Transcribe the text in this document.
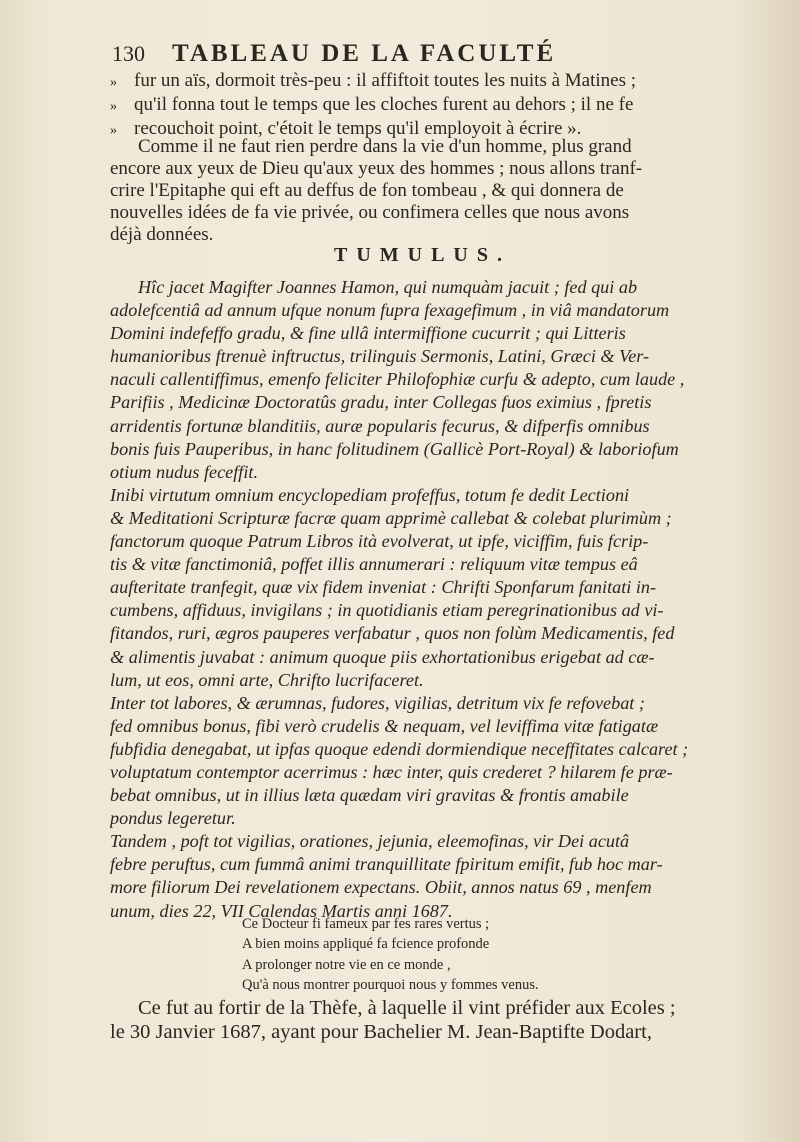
130	TABLEAU DE LA FACULTÉ
» fur un aïs, dormoit très-peu : il affiftoit toutes les nuits à Matines ;
» qu'il fonna tout le temps que les cloches furent au dehors ; il ne fe
» recouchoit point, c'étoit le temps qu'il employoit à écrire ».
Comme il ne faut rien perdre dans la vie d'un homme, plus grand
encore aux yeux de Dieu qu'aux yeux des hommes ; nous allons tranf-
crire l'Epitaphe qui eft au deffus de fon tombeau , & qui donnera de
nouvelles idées de fa vie privée, ou confimera celles que nous avons
déjà données.
TUMULUS.
Hîc jacet Magifter Joannes Hamon, qui numquàm jacuit ; fed qui ab
adolefcentiâ ad annum ufque nonum fupra fexagefimum , in viâ mandatorum
Domini indefeffo gradu, & fine ullâ intermiffione cucurrit ; qui Litteris
humanioribus ftrenuè inftructus, trilinguis Sermonis, Latini, Græci & Ver-
naculi callentiffimus, emenfo feliciter Philofophiæ curfu & adepto, cum laude ,
Parifiis , Medicinæ Doctoratûs gradu, inter Collegas fuos eximius , fpretis
arridentis fortunæ blanditiis, auræ popularis fecurus, & difperfis omnibus
bonis fuis Pauperibus, in hanc folitudinem (Gallicè Port-Royal) & laboriofum
otium nudus feceffit.
Inibi virtutum omnium encyclopediam profeffus, totum fe dedit Lectioni
& Meditationi Scripturæ facræ quam apprimè callebat & colebat plurimùm ;
fanctorum quoque Patrum Libros ità evolverat, ut ipfe, viciffim, fuis fcrip-
tis & vitæ fanctimoniâ, poffet illis annumerari : reliquum vitæ tempus eâ
aufteritate tranfegit, quæ vix fidem inveniat : Chrifti Sponfarum fanitati in-
cumbens, affiduus, invigilans ; in quotidianis etiam peregrinationibus ad vi-
fitandos, ruri, ægros pauperes verfabatur , quos non folùm Medicamentis, fed
& alimentis juvabat : animum quoque piis exhortationibus erigebat ad cæ-
lum, ut eos, omni arte, Chrifto lucrifaceret.
Inter tot labores, & ærumnas, fudores, vigilias, detritum vix fe refovebat ;
fed omnibus bonus, fibi verò crudelis & nequam, vel leviffima vitæ fatigatæ
fubfidia denegabat, ut ipfas quoque edendi dormiendique neceffitates calcaret ;
voluptatum contemptor acerrimus : hæc inter, quis crederet ? hilarem fe præ-
bebat omnibus, ut in illius læta quædam viri gravitas & frontis amabile
pondus legeretur.
Tandem , poft tot vigilias, orationes, jejunia, eleemofinas, vir Dei acutâ
febre peruftus, cum fummâ animi tranquillitate fpiritum emifit, fub hoc mar-
more filiorum Dei revelationem expectans. Obiit, annos natus 69 , menfem
unum, dies 22, VII Calendas Martis anni 1687.
Ce Docteur fi fameux par fes rares vertus ;
A bien moins appliqué fa fcience profonde
A prolonger notre vie en ce monde ,
Qu'à nous montrer pourquoi nous y fommes venus.
Ce fut au fortir de la Thèfe, à laquelle il vint préfider aux Ecoles ;
le 30 Janvier 1687, ayant pour Bachelier M. Jean-Baptifte Dodart,
